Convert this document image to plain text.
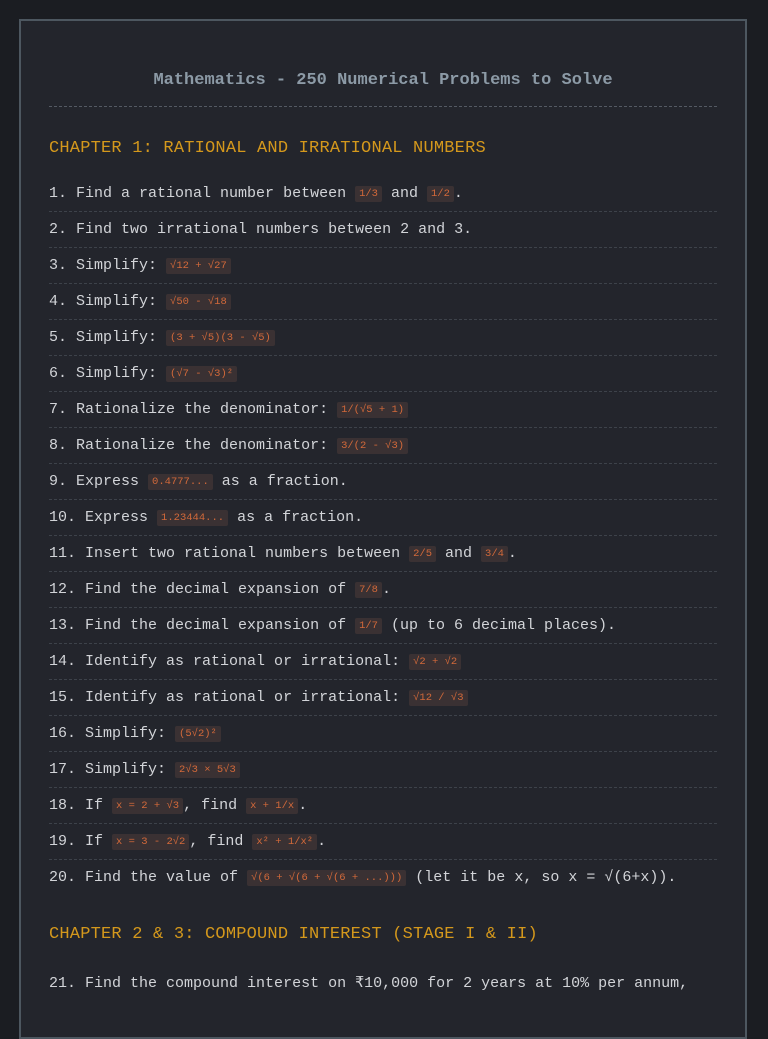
Mathematics - 250 Numerical Problems to Solve
CHAPTER 1: RATIONAL AND IRRATIONAL NUMBERS
1. Find a rational number between 1/3 and 1/2 .
2. Find two irrational numbers between 2 and 3.
3. Simplify: √12 + √27
4. Simplify: √50 - √18
5. Simplify: (3 + √5)(3 - √5)
6. Simplify: (√7 - √3)²
7. Rationalize the denominator: 1/(√5 + 1)
8. Rationalize the denominator: 3/(2 - √3)
9. Express 0.4777... as a fraction.
10. Express 1.23444... as a fraction.
11. Insert two rational numbers between 2/5 and 3/4 .
12. Find the decimal expansion of 7/8 .
13. Find the decimal expansion of 1/7 (up to 6 decimal places).
14. Identify as rational or irrational: √2 + √2
15. Identify as rational or irrational: √12 / √3
16. Simplify: (5√2)²
17. Simplify: 2√3 × 5√3
18. If x = 2 + √3 , find x + 1/x .
19. If x = 3 - 2√2 , find x² + 1/x² .
20. Find the value of √(6 + √(6 + √(6 + ...))) (let it be x, so x = √(6+x)).
CHAPTER 2 & 3: COMPOUND INTEREST (STAGE I & II)
21. Find the compound interest on ₹10,000 for 2 years at 10% per annum,
